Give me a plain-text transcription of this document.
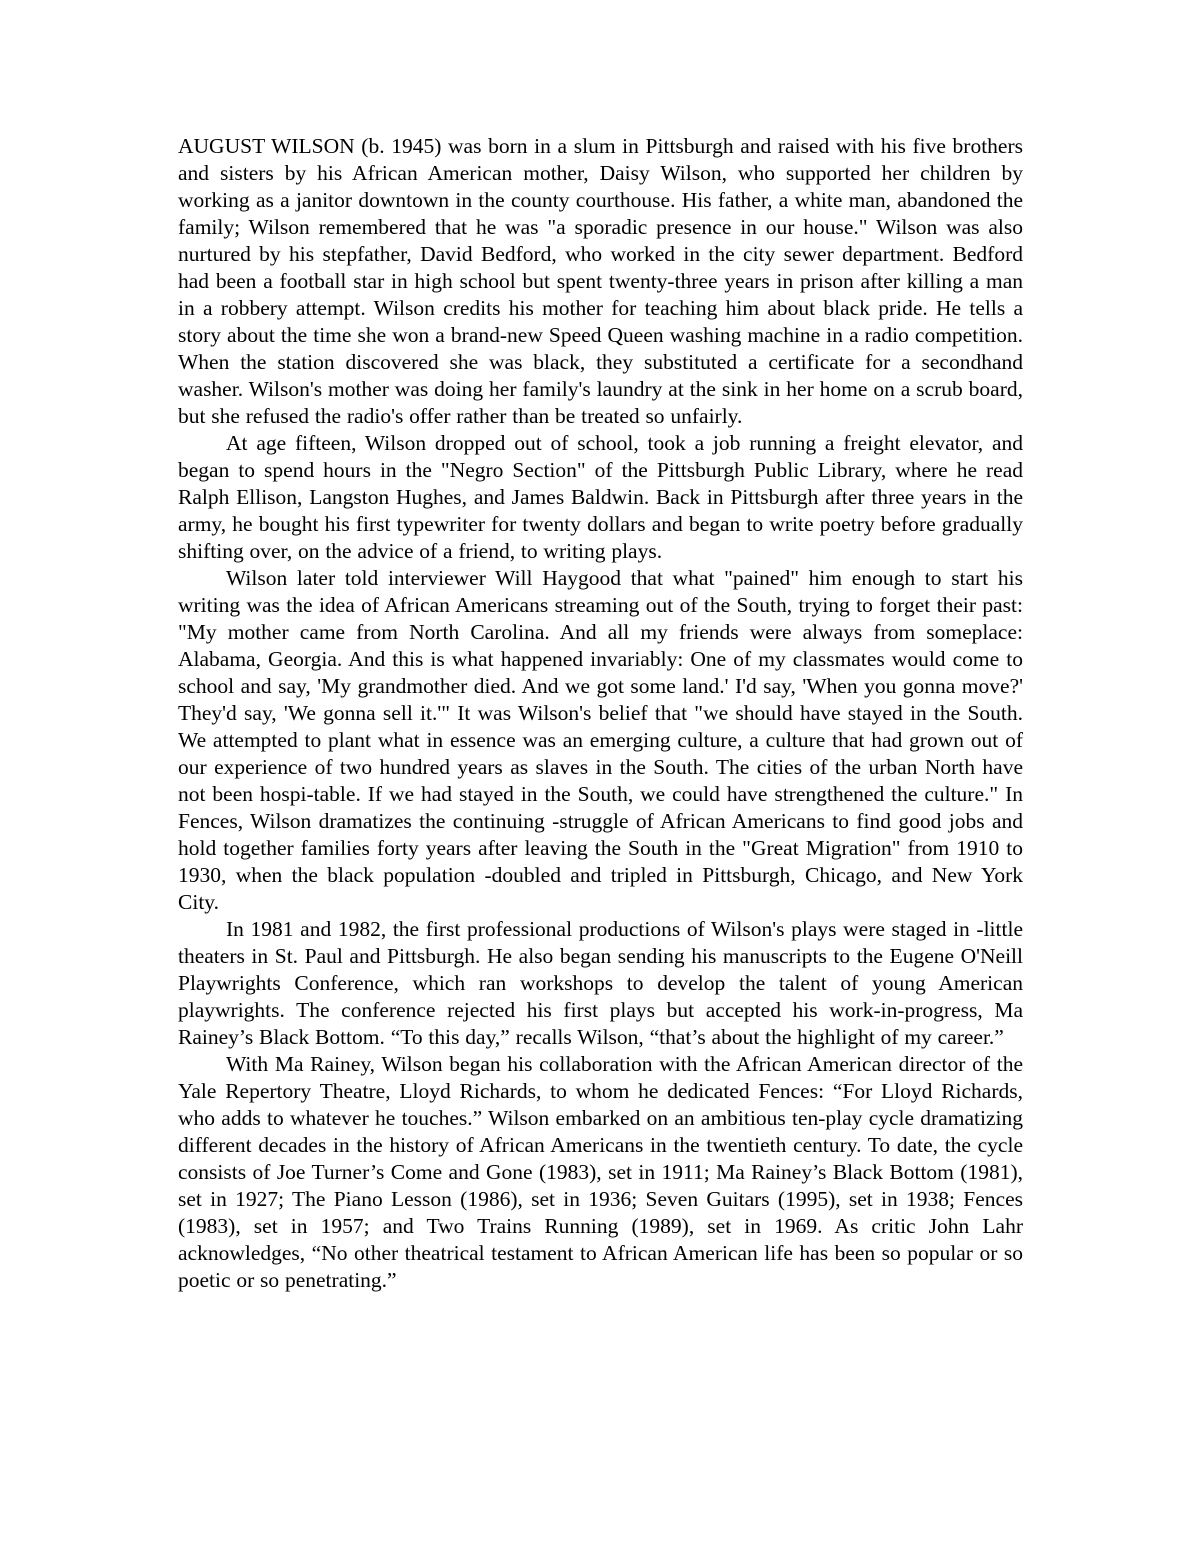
AUGUST WILSON (b. 1945) was born in a slum in Pittsburgh and raised with his five brothers and sisters by his African American mother, Daisy Wilson, who supported her children by working as a janitor downtown in the county courthouse. His father, a white man, abandoned the family; Wilson remembered that he was "a sporadic presence in our house." Wilson was also nurtured by his stepfather, David Bedford, who worked in the city sewer department. Bedford had been a football star in high school but spent twenty-three years in prison after killing a man in a robbery attempt. Wilson credits his mother for teaching him about black pride. He tells a story about the time she won a brand-new Speed Queen washing machine in a radio competition. When the station discovered she was black, they substituted a certificate for a secondhand washer. Wilson's mother was doing her family's laundry at the sink in her home on a scrub board, but she refused the radio's offer rather than be treated so unfairly.

At age fifteen, Wilson dropped out of school, took a job running a freight elevator, and began to spend hours in the "Negro Section" of the Pittsburgh Public Library, where he read Ralph Ellison, Langston Hughes, and James Baldwin. Back in Pittsburgh after three years in the army, he bought his first typewriter for twenty dollars and began to write poetry before gradually shifting over, on the advice of a friend, to writing plays.

Wilson later told interviewer Will Haygood that what "pained" him enough to start his writing was the idea of African Americans streaming out of the South, trying to forget their past: "My mother came from North Carolina. And all my friends were always from someplace: Alabama, Georgia. And this is what happened invariably: One of my classmates would come to school and say, 'My grandmother died. And we got some land.' I'd say, 'When you gonna move?' They'd say, 'We gonna sell it.'" It was Wilson's belief that "we should have stayed in the South. We attempted to plant what in essence was an emerging culture, a culture that had grown out of our experience of two hundred years as slaves in the South. The cities of the urban North have not been hospi-table. If we had stayed in the South, we could have strengthened the culture." In Fences, Wilson dramatizes the continuing -struggle of African Americans to find good jobs and hold together families forty years after leaving the South in the "Great Migration" from 1910 to 1930, when the black population -doubled and tripled in Pittsburgh, Chicago, and New York City.

In 1981 and 1982, the first professional productions of Wilson's plays were staged in -little theaters in St. Paul and Pittsburgh. He also began sending his manuscripts to the Eugene O'Neill Playwrights Conference, which ran workshops to develop the talent of young American playwrights. The conference rejected his first plays but accepted his work-in-progress, Ma Rainey’s Black Bottom. “To this day,” recalls Wilson, “that’s about the highlight of my career.”

With Ma Rainey, Wilson began his collaboration with the African American director of the Yale Repertory Theatre, Lloyd Richards, to whom he dedicated Fences: “For Lloyd Richards, who adds to whatever he touches.” Wilson embarked on an ambitious ten-play cycle dramatizing different decades in the history of African Americans in the twentieth century. To date, the cycle consists of Joe Turner’s Come and Gone (1983), set in 1911; Ma Rainey’s Black Bottom (1981), set in 1927; The Piano Lesson (1986), set in 1936; Seven Guitars (1995), set in 1938; Fences (1983), set in 1957; and Two Trains Running (1989), set in 1969. As critic John Lahr acknowledges, “No other theatrical testament to African American life has been so popular or so poetic or so penetrating.”
